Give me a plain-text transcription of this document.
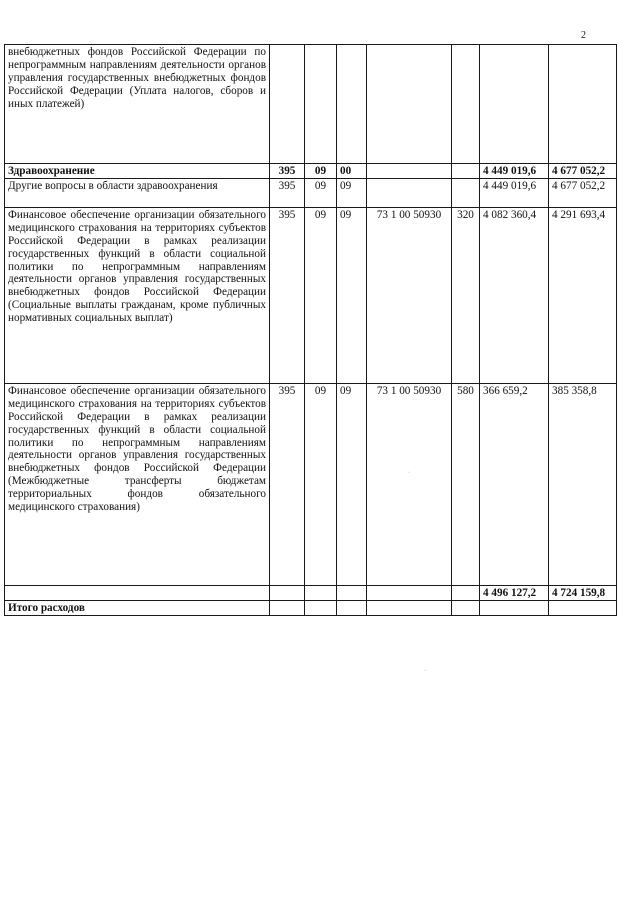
2
внебюджетных фондов Российской Федерации по непрограммным направлениям деятельности органов управления государственных внебюджетных фондов Российской Федерации (Уплата налогов, сборов и иных платежей)							
Здравоохранение	395	09	00			4 449 019,6	4 677 052,2
Другие вопросы в области здравоохранения	395	09	09			4 449 019,6	4 677 052,2
Финансовое обеспечение организации обязательного медицинского страхования на территориях субъектов Российской Федерации в рамках реализации государственных функций в области социальной политики по непрограммным направлениям деятельности органов управления государственных внебюджетных фондов Российской Федерации (Социальные выплаты гражданам, кроме публичных нормативных социальных выплат)	395	09	09	73 1 00 50930	320	4 082 360,4	4 291 693,4
Финансовое обеспечение организации обязательного медицинского страхования на территориях субъектов Российской Федерации в рамках реализации государственных функций в области социальной политики по непрограммным направлениям деятельности органов управления государственных внебюджетных фондов Российской Федерации (Межбюджетные трансферты бюджетам территориальных фондов обязательного медицинского страхования)	395	09	09	73 1 00 50930	580	366 659,2	385 358,8
						4 496 127,2	4 724 159,8
Итого расходов							
·
·
